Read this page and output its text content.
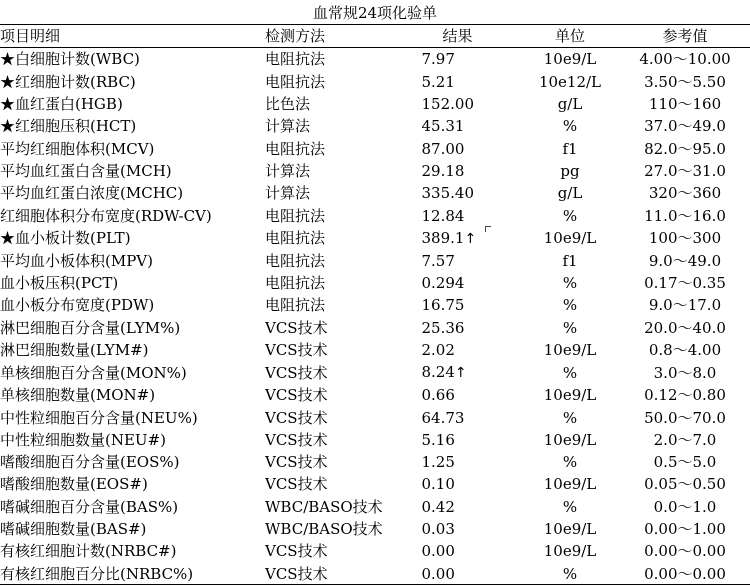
血常规24项化验单
项目明细	检测方法	结果	单位	参考值
★白细胞计数(WBC)	电阻抗法	7.97	10e9/L	4.00～10.00
★红细胞计数(RBC)	电阻抗法	5.21	10e12/L	3.50～5.50
★血红蛋白(HGB)	比色法	152.00	g/L	110～160
★红细胞压积(HCT)	计算法	45.31	%	37.0～49.0
平均红细胞体积(MCV)	电阻抗法	87.00	f1	82.0～95.0
平均血红蛋白含量(MCH)	计算法	29.18	pg	27.0～31.0
平均血红蛋白浓度(MCHC)	计算法	335.40	g/L	320～360
红细胞体积分布宽度(RDW-CV)	电阻抗法	12.84	%	11.0～16.0
★血小板计数(PLT)	电阻抗法	389.1↑	10e9/L	100～300
平均血小板体积(MPV)	电阻抗法	7.57	f1	9.0～49.0
血小板压积(PCT)	电阻抗法	0.294	%	0.17～0.35
血小板分布宽度(PDW)	电阻抗法	16.75	%	9.0～17.0
淋巴细胞百分含量(LYM%)	VCS技术	25.36	%	20.0～40.0
淋巴细胞数量(LYM#)	VCS技术	2.02	10e9/L	0.8～4.00
单核细胞百分含量(MON%)	VCS技术	8.24↑	%	3.0～8.0
单核细胞数量(MON#)	VCS技术	0.66	10e9/L	0.12～0.80
中性粒细胞百分含量(NEU%)	VCS技术	64.73	%	50.0～70.0
中性粒细胞数量(NEU#)	VCS技术	5.16	10e9/L	2.0～7.0
嗜酸细胞百分含量(EOS%)	VCS技术	1.25	%	0.5～5.0
嗜酸细胞数量(EOS#)	VCS技术	0.10	10e9/L	0.05～0.50
嗜碱细胞百分含量(BAS%)	WBC/BASO技术	0.42	%	0.0～1.0
嗜碱细胞数量(BAS#)	WBC/BASO技术	0.03	10e9/L	0.00～1.00
有核红细胞计数(NRBC#)	VCS技术	0.00	10e9/L	0.00～0.00
有核红细胞百分比(NRBC%)	VCS技术	0.00	%	0.00～0.00
